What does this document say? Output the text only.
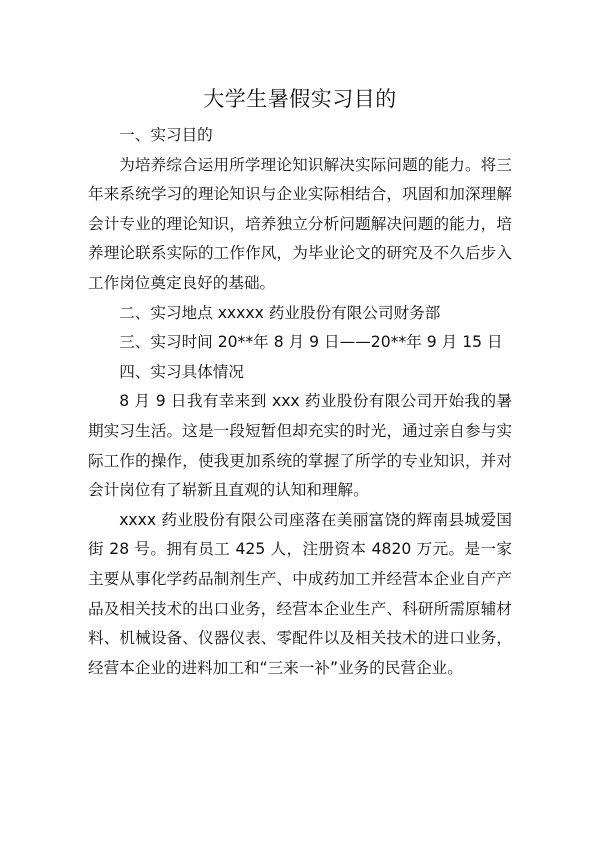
大学生暑假实习目的

一、实习目的

为培养综合运用所学理论知识解决实际问题的能力。将三年来系统学习的理论知识与企业实际相结合，巩固和加深理解会计专业的理论知识，培养独立分析问题解决问题的能力，培养理论联系实际的工作作风，为毕业论文的研究及不久后步入工作岗位奠定良好的基础。

二、实习地点 xxxxx 药业股份有限公司财务部

三、实习时间 20**年 8 月 9 日——20**年 9 月 15 日

四、实习具体情况

8 月 9 日我有幸来到 xxx 药业股份有限公司开始我的暑期实习生活。这是一段短暂但却充实的时光，通过亲自参与实际工作的操作，使我更加系统的掌握了所学的专业知识，并对会计岗位有了崭新且直观的认知和理解。

xxxx 药业股份有限公司座落在美丽富饶的辉南县城爱国街 28 号。拥有员工 425 人，注册资本 4820 万元。是一家主要从事化学药品制剂生产、中成药加工并经营本企业自产产品及相关技术的出口业务，经营本企业生产、科研所需原辅材料、机械设备、仪器仪表、零配件以及相关技术的进口业务，经营本企业的进料加工和“三来一补”业务的民营企业。
